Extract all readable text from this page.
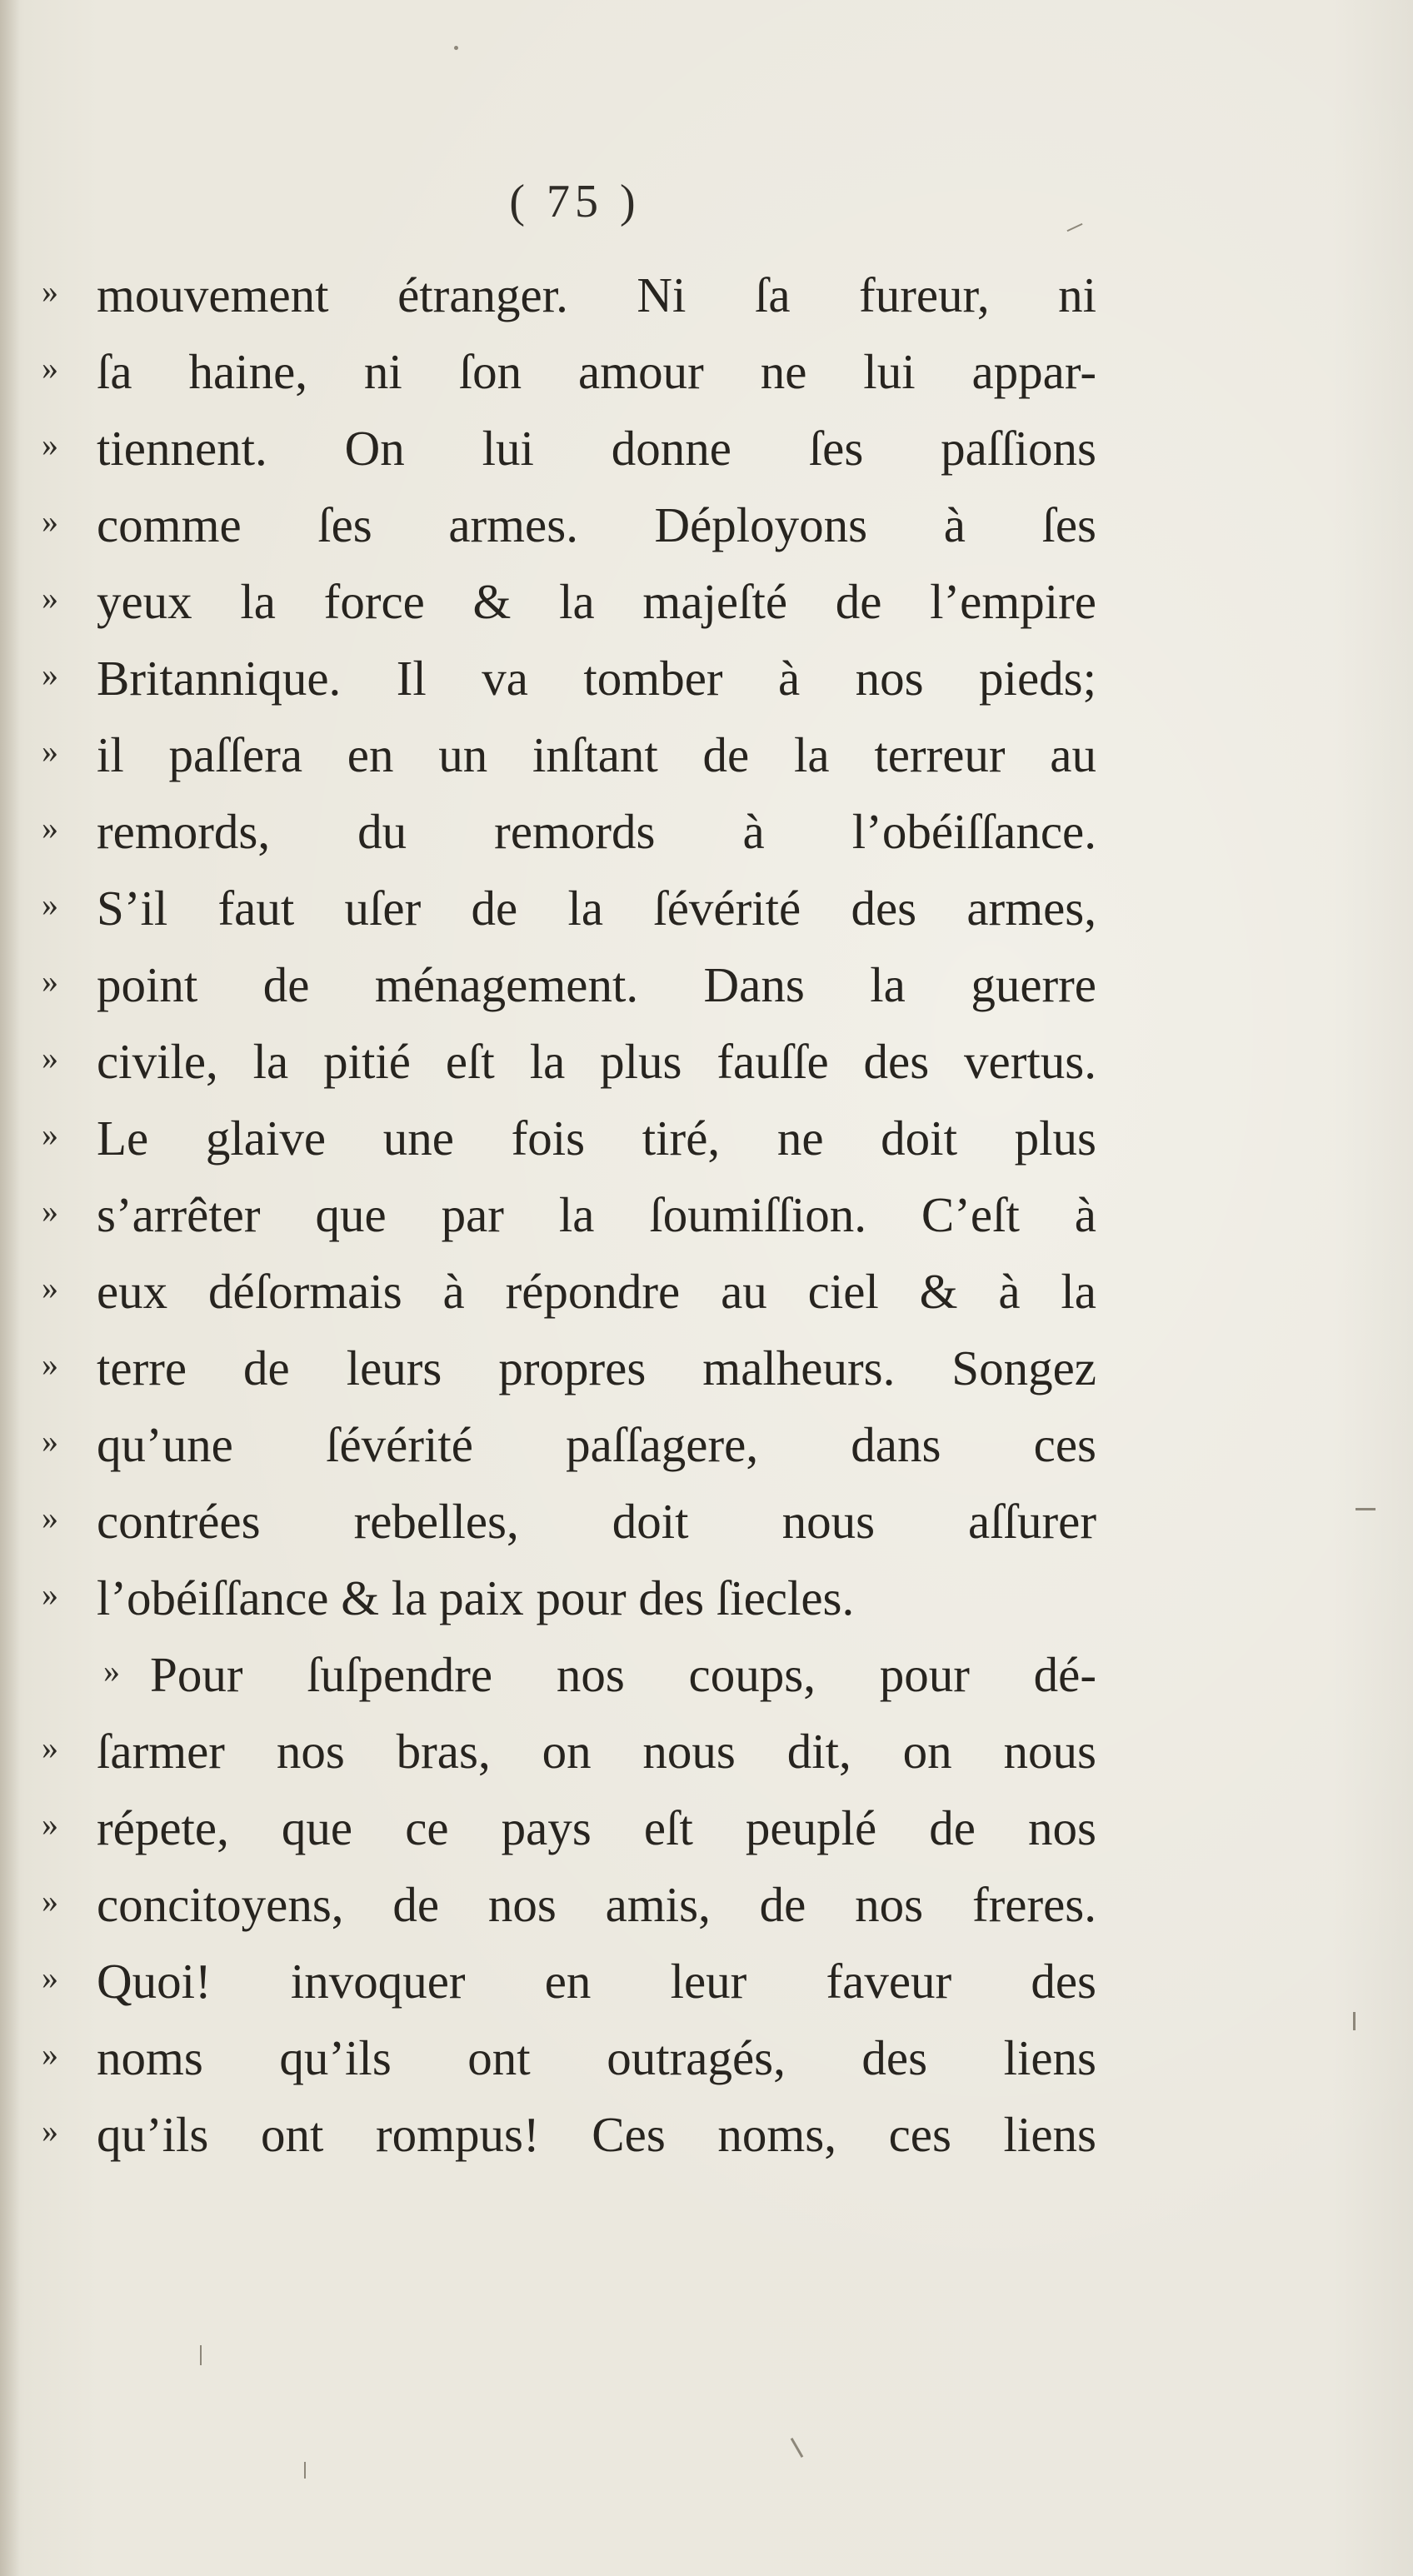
( 75 )
» mouvement étranger. Ni ſa fureur, ni
» ſa haine, ni ſon amour ne lui appar-
» tiennent. On lui donne ſes paſſions
» comme ſes armes. Déployons à ſes
» yeux la force & la majeſté de l’empire
» Britannique. Il va tomber à nos pieds;
» il paſſera en un inſtant de la terreur au
» remords, du remords à l’obéiſſance.
» S’il faut uſer de la ſévérité des armes,
» point de ménagement. Dans la guerre
» civile, la pitié eſt la plus fauſſe des vertus.
» Le glaive une fois tiré, ne doit plus
» s’arrêter que par la ſoumiſſion. C’eſt à
» eux déſormais à répondre au ciel & à la
» terre de leurs propres malheurs. Songez
» qu’une ſévérité paſſagere, dans ces
» contrées rebelles, doit nous aſſurer
» l’obéiſſance & la paix pour des ſiecles.
» Pour ſuſpendre nos coups, pour dé-
» ſarmer nos bras, on nous dit, on nous
» répete, que ce pays eſt peuplé de nos
» concitoyens, de nos amis, de nos freres.
» Quoi! invoquer en leur faveur des
» noms qu’ils ont outragés, des liens
» qu’ils ont rompus! Ces noms, ces liens
